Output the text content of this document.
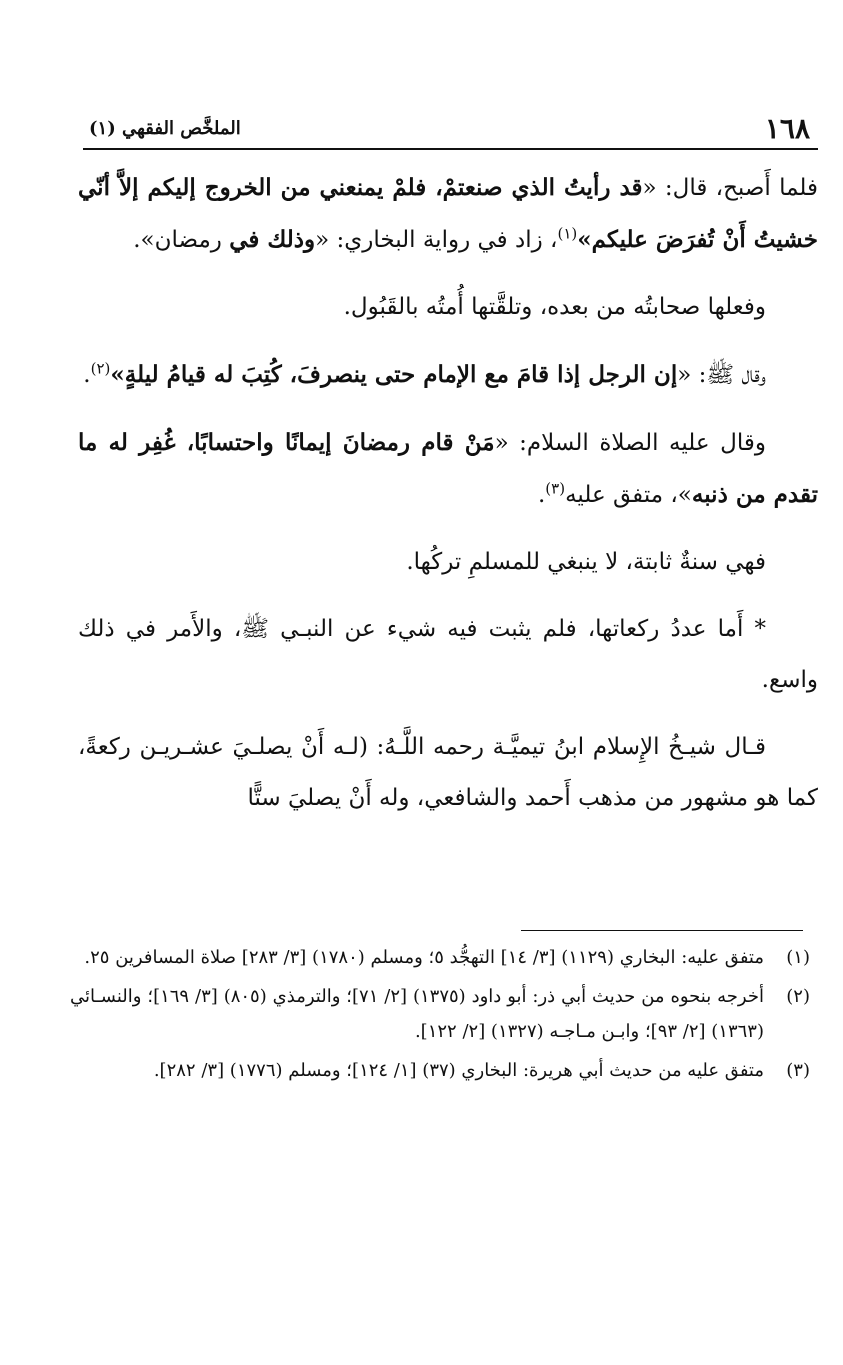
١٦٨
الملخَّص الفقهي (١)

فلما أَصبح، قال: «قد رأيتُ الذي صنعتمْ، فلمْ يمنعني من الخروج إليكم إلاَّ أنّي خشيتُ أَنْ تُفرَضَ عليكم»$^{(١)}$، زاد في رواية البخاري: «وذلك في رمضان».

وفعلها صحابتُه من بعده، وتلقَّتها أُمتُه بالقَبُول.

وقال ﷺ: «إن الرجل إذا قامَ مع الإمام حتى ينصرفَ، كُتِبَ له قيامُ ليلةٍ»$^{(٢)}$.

وقال عليه الصلاة السلام: «مَنْ قام رمضانَ إيمانًا واحتسابًا، غُفِر له ما تقدم من ذنبه»، متفق عليه$^{(٣)}$.

فهي سنةٌ ثابتة، لا ينبغي للمسلمِ تركُها.

* أَما عددُ ركعاتها، فلم يثبت فيه شيء عن النبـي ﷺ، والأَمر في ذلك واسع.

قـال شيـخُ الإِسلام ابنُ تيميَّـة رحمه اللَّـهُ: (لـه أَنْ يصلـيَ عشـريـن ركعةً، كما هو مشهور من مذهب أَحمد والشافعي، وله أَنْ يصليَ ستًّا

(١)
متفق عليه: البخاري (١١٢٩) [٣/ ١٤] التهجُّد ٥؛ ومسلم (١٧٨٠) [٣/ ٢٨٣] صلاة المسافرين ٢٥.
(٢)
أخرجه بنحوه من حديث أبي ذر: أبو داود (١٣٧٥) [٢/ ٧١]؛ والترمذي (٨٠٥) [٣/ ١٦٩]؛ والنسـائي (١٣٦٣) [٢/ ٩٣]؛ وابـن مـاجـه (١٣٢٧) [٢/ ١٢٢].
(٣)
متفق عليه من حديث أبي هريرة: البخاري (٣٧) [١/ ١٢٤]؛ ومسلم (١٧٧٦) [٣/ ٢٨٢].
